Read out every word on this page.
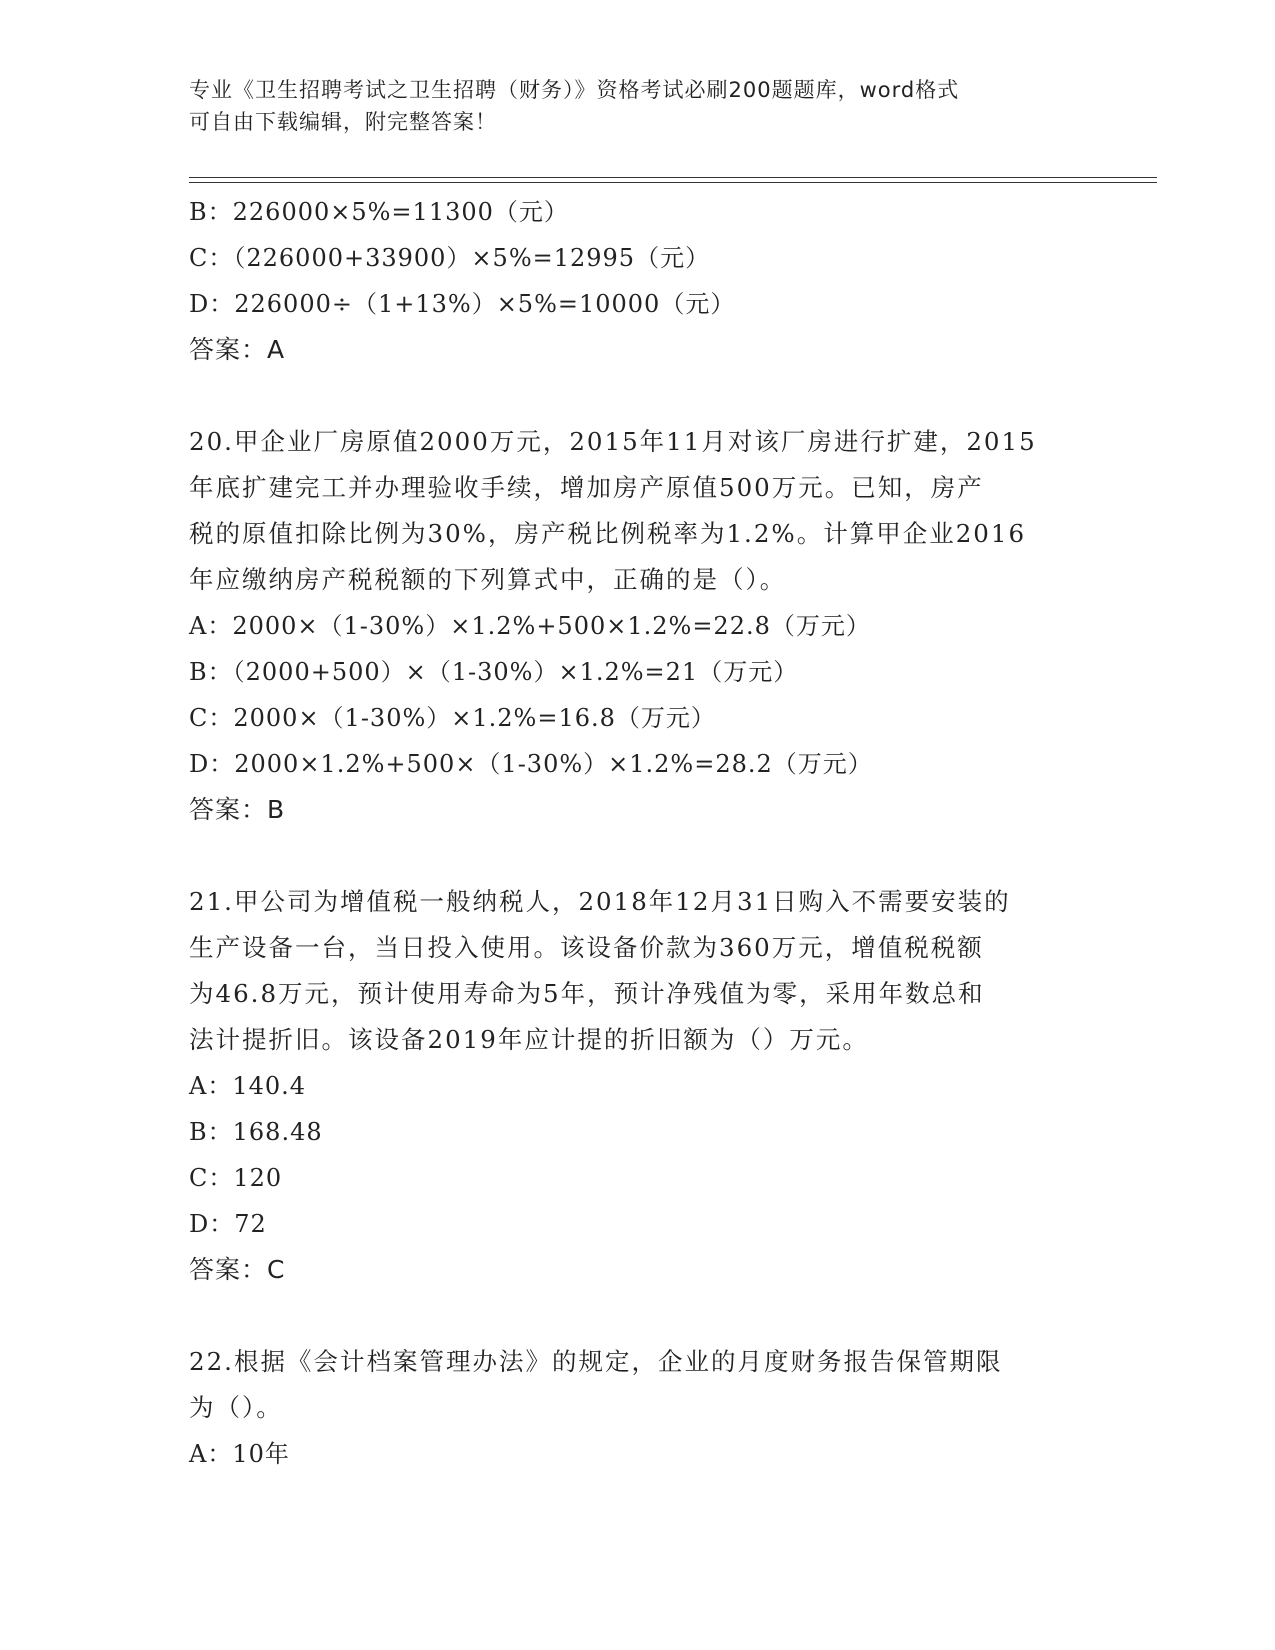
专业《卫生招聘考试之卫生招聘（财务）》资格考试必刷200题题库，word格式
可自由下载编辑，附完整答案！
B：226000×5%=11300（元）
C：（226000+33900）×5%=12995（元）
D：226000÷（1+13%）×5%=10000（元）
答案：A
20.甲企业厂房原值2000万元，2015年11月对该厂房进行扩建，2015
年底扩建完工并办理验收手续，增加房产原值500万元。已知，房产
税的原值扣除比例为30%，房产税比例税率为1.2%。计算甲企业2016
年应缴纳房产税税额的下列算式中，正确的是（）。
A：2000×（1-30%）×1.2%+500×1.2%=22.8（万元）
B：（2000+500）×（1-30%）×1.2%=21（万元）
C：2000×（1-30%）×1.2%=16.8（万元）
D：2000×1.2%+500×（1-30%）×1.2%=28.2（万元）
答案：B
21.甲公司为增值税一般纳税人，2018年12月31日购入不需要安装的
生产设备一台，当日投入使用。该设备价款为360万元，增值税税额
为46.8万元，预计使用寿命为5年，预计净残值为零，采用年数总和
法计提折旧。该设备2019年应计提的折旧额为（）万元。
A：140.4
B：168.48
C：120
D：72
答案：C
22.根据《会计档案管理办法》的规定，企业的月度财务报告保管期限
为（）。
A：10年
